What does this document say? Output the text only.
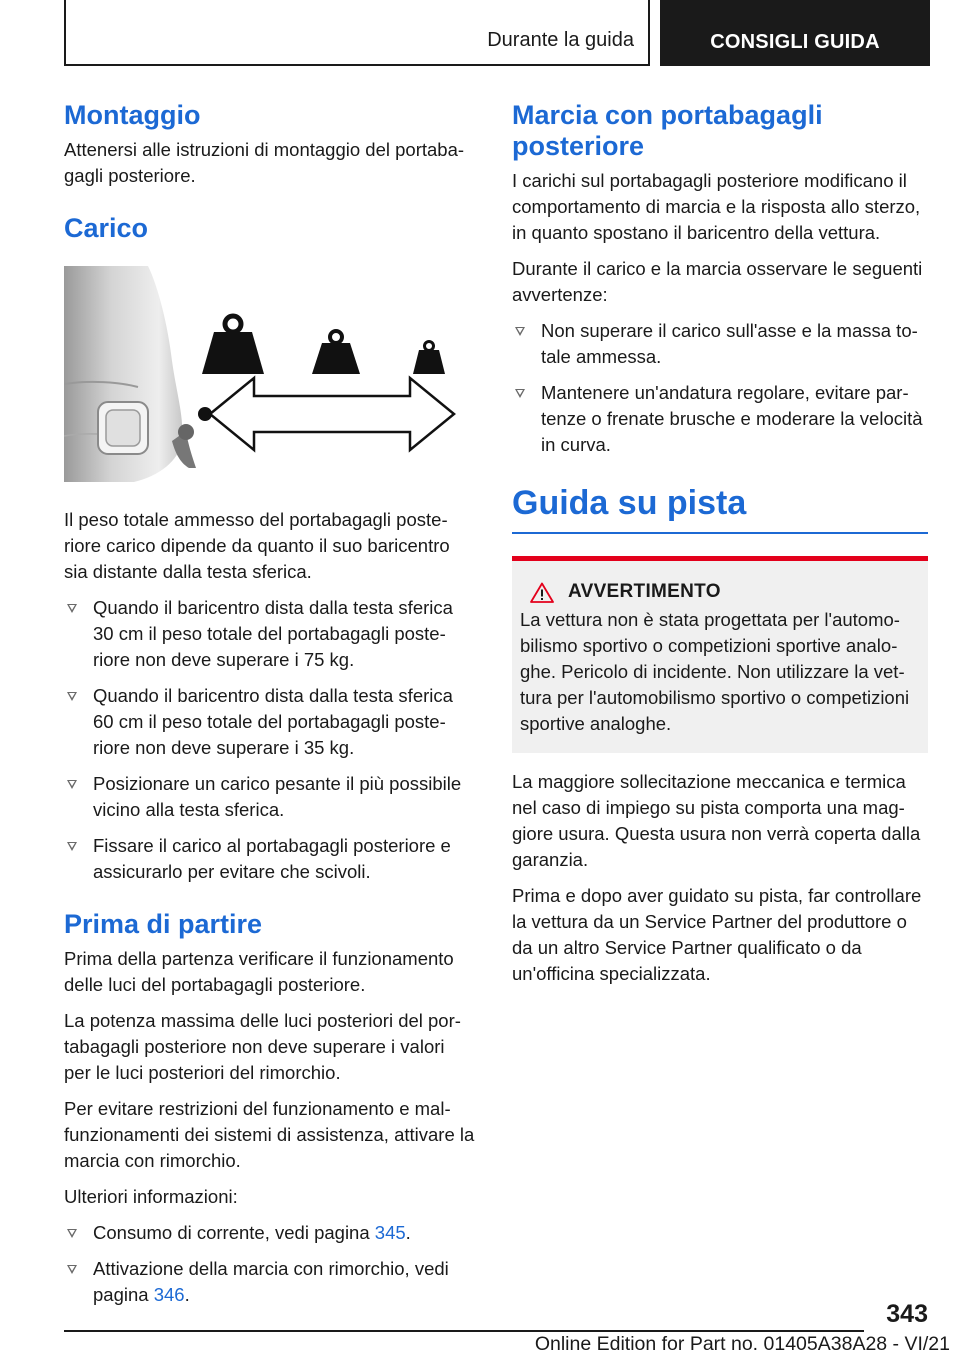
Durante la guida	CONSIGLI GUIDA
Montaggio

Attenersi alle istruzioni di montaggio del portabagagli posteriore.

Carico

Il peso totale ammesso del portabagagli posteriore carico dipende da quanto il suo baricentro sia distante dalla testa sferica.

Quando il baricentro dista dalla testa sferica 30 cm il peso totale del portabagagli posteriore non deve superare i 75 kg.
Quando il baricentro dista dalla testa sferica 60 cm il peso totale del portabagagli posteriore non deve superare i 35 kg.
Posizionare un carico pesante il più possibile vicino alla testa sferica.
Fissare il carico al portabagagli posteriore e assicurarlo per evitare che scivoli.
Prima di partire

Prima della partenza verificare il funzionamento delle luci del portabagagli posteriore.

La potenza massima delle luci posteriori del portabagagli posteriore non deve superare i valori per le luci posteriori del rimorchio.

Per evitare restrizioni del funzionamento e malfunzionamenti dei sistemi di assistenza, attivare la marcia con rimorchio.

Ulteriori informazioni:

Consumo di corrente, vedi pagina 345.
Attivazione della marcia con rimorchio, vedi pagina 346.
Marcia con portabagagli posteriore

I carichi sul portabagagli posteriore modificano il comportamento di marcia e la risposta allo sterzo, in quanto spostano il baricentro della vettura.

Durante il carico e la marcia osservare le seguenti avvertenze:

Non superare il carico sull'asse e la massa totale ammessa.
Mantenere un'andatura regolare, evitare partenze o frenate brusche e moderare la velocità in curva.
Guida su pista
AVVERTIMENTO

La vettura non è stata progettata per l'automobilismo sportivo o competizioni sportive analoghe. Pericolo di incidente. Non utilizzare la vettura per l'automobilismo sportivo o competizioni sportive analoghe.

La maggiore sollecitazione meccanica e termica nel caso di impiego su pista comporta una maggiore usura. Questa usura non verrà coperta dalla garanzia.

Prima e dopo aver guidato su pista, far controllare la vettura da un Service Partner del produttore o da un altro Service Partner qualificato o da un'officina specializzata.

343
Online Edition for Part no. 01405A38A28 - VI/21
